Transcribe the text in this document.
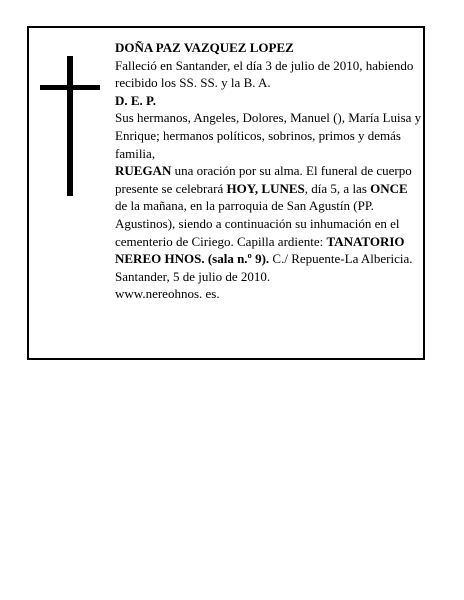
DOÑA PAZ VAZQUEZ LOPEZ

Falleció en Santander, el día 3 de julio de 2010, habiendo recibido los SS. SS. y la B. A.

D. E. P.

Sus hermanos, Angeles, Dolores, Manuel (), María Luisa y Enrique; hermanos políticos, sobrinos, primos y demás familia,

RUEGAN una oración por su alma. El funeral de cuerpo presente se celebrará HOY, LUNES, día 5, a las ONCE de la mañana, en la parroquia de San Agustín (PP. Agustinos), siendo a continuación su inhumación en el cementerio de Ciriego. Capilla ardiente: TANATORIO NEREO HNOS. (sala n.º 9). C./ Repuente-La Albericia.

Santander, 5 de julio de 2010.

www.nereohnos. es.
